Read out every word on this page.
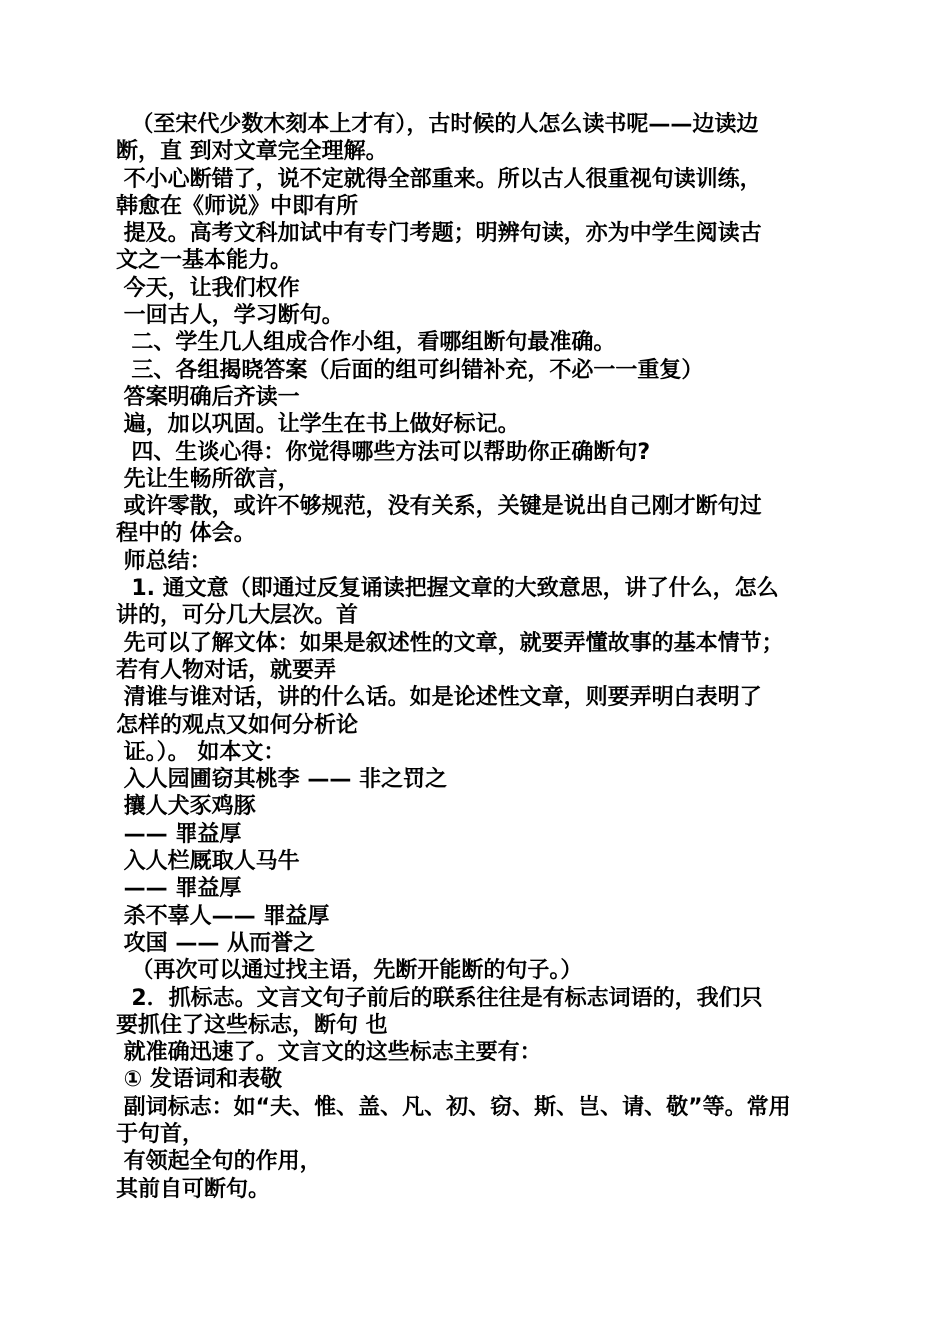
（至宋代少数木刻本上才有），古时候的人怎么读书呢——边读边
断，直 到对文章完全理解。
不小心断错了，说不定就得全部重来。所以古人很重视句读训练，
韩愈在《师说》中即有所
提及。高考文科加试中有专门考题；明辨句读，亦为中学生阅读古
文之一基本能力。
今天，让我们权作
一回古人，学习断句。
二、学生几人组成合作小组，看哪组断句最准确。
三、各组揭晓答案（后面的组可纠错补充，不必一一重复）
答案明确后齐读一
遍，加以巩固。让学生在书上做好标记。
四、生谈心得：你觉得哪些方法可以帮助你正确断句?
先让生畅所欲言，
或许零散，或许不够规范，没有关系，关键是说出自己刚才断句过
程中的 体会。
师总结：
1. 通文意（即通过反复诵读把握文章的大致意思，讲了什么，怎么
讲的，可分几大层次。首
先可以了解文体：如果是叙述性的文章，就要弄懂故事的基本情节；
若有人物对话，就要弄
清谁与谁对话，讲的什么话。如是论述性文章，则要弄明白表明了
怎样的观点又如何分析论
证。）。 如本文：
入人园圃窃其桃李 —— 非之罚之
攘人犬豕鸡豚
—— 罪益厚
入人栏厩取人马牛
—— 罪益厚
杀不辜人—— 罪益厚
攻国 —— 从而誉之
（再次可以通过找主语，先断开能断的句子。）
2．抓标志。文言文句子前后的联系往往是有标志词语的，我们只
要抓住了这些标志，断句 也
就准确迅速了。文言文的这些标志主要有：
① 发语词和表敬
副词标志：如“夫、惟、盖、凡、初、窃、斯、岂、请、敬”等。常用
于句首，
有领起全句的作用，
其前自可断句。
